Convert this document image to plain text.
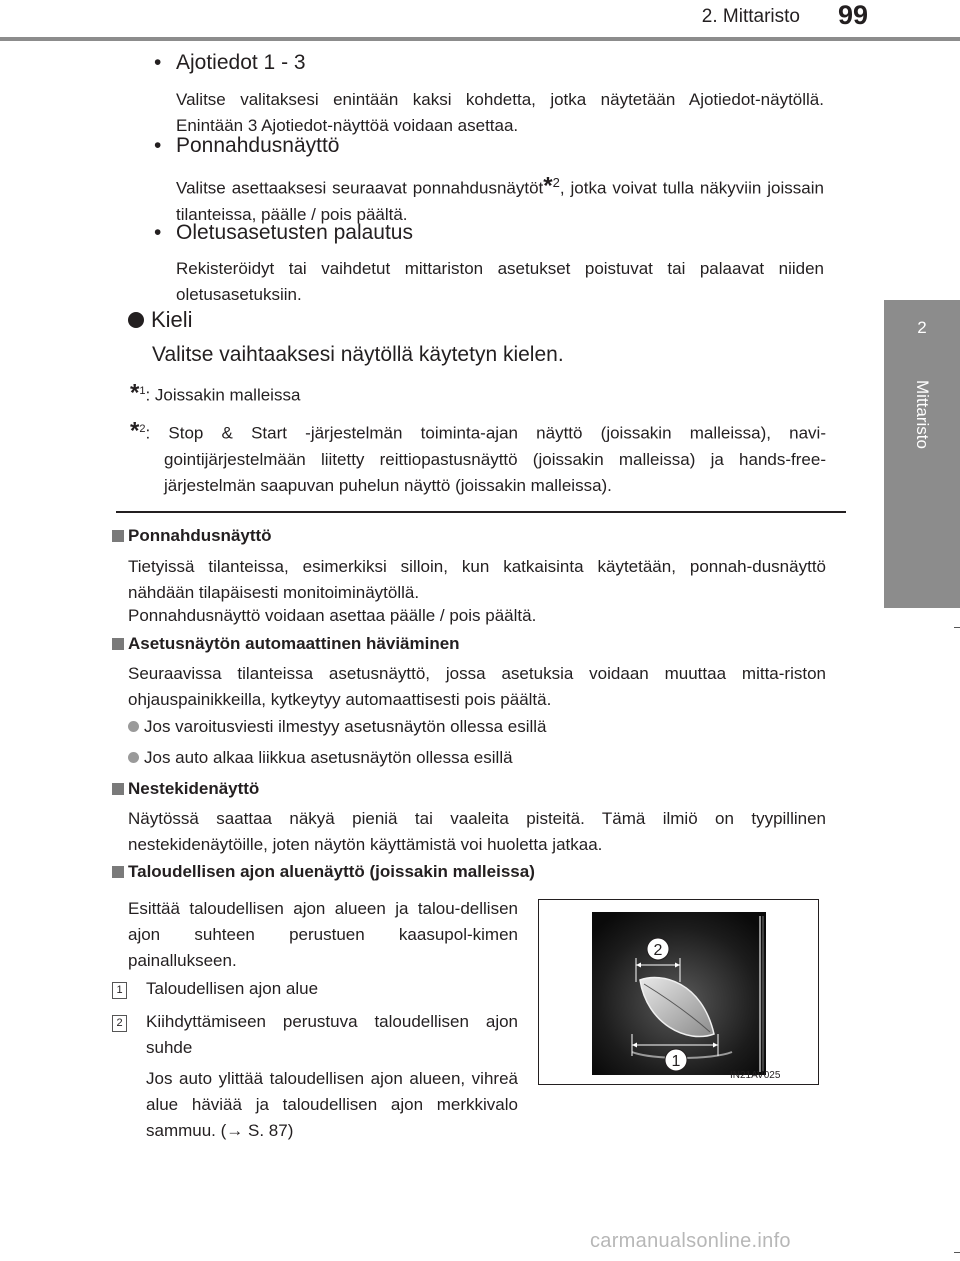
2. Mittaristo 99
2
Mittaristo
• Ajotiedot 1 - 3
Valitse valitaksesi enintään kaksi kohdetta, jotka näytetään Ajotiedot-näytöllä. Enintään 3 Ajotiedot-näyttöä voidaan asettaa.
• Ponnahdusnäyttö
Valitse asettaaksesi seuraavat ponnahdusnäytöt*$^2$, jotka voivat tulla näkyviin joissain tilanteissa, päälle / pois päältä.
• Oletusasetusten palautus
Rekisteröidyt tai vaihdetut mittariston asetukset poistuvat tai palaavat niiden oletusasetuksiin.
Kieli
Valitse vaihtaaksesi näytöllä käytetyn kielen.
*$^1$: Joissakin malleissa
*$^2$: Stop & Start -järjestelmän toiminta-ajan näyttö (joissakin malleissa), navi-gointijärjestelmään liitetty reittiopastusnäyttö (joissakin malleissa) ja hands-free-järjestelmän saapuvan puhelun näyttö (joissakin malleissa).
Ponnahdusnäyttö
Tietyissä tilanteissa, esimerkiksi silloin, kun katkaisinta käytetään, ponnah-dusnäyttö nähdään tilapäisesti monitoiminäytöllä.
Ponnahdusnäyttö voidaan asettaa päälle / pois päältä.
Asetusnäytön automaattinen häviäminen
Seuraavissa tilanteissa asetusnäyttö, jossa asetuksia voidaan muuttaa mitta-riston ohjauspainikkeilla, kytkeytyy automaattisesti pois päältä.
Jos varoitusviesti ilmestyy asetusnäytön ollessa esillä
Jos auto alkaa liikkua asetusnäytön ollessa esillä
Nestekidenäyttö
Näytössä saattaa näkyä pieniä tai vaaleita pisteitä. Tämä ilmiö on tyypillinen nestekidenäytöille, joten näytön käyttämistä voi huoletta jatkaa.
Taloudellisen ajon aluenäyttö (joissakin malleissa)
Esittää taloudellisen ajon alueen ja talou-dellisen ajon suhteen perustuen kaasupol-kimen painallukseen.
1 Taloudellisen ajon alue
2 Kiihdyttämiseen perustuva taloudellisen ajon suhde
Jos auto ylittää taloudellisen ajon alueen, vihreä alue häviää ja taloudellisen ajon merkkivalo sammuu. (→ S. 87)
2
1
IN21AV025
carmanualsonline.info
